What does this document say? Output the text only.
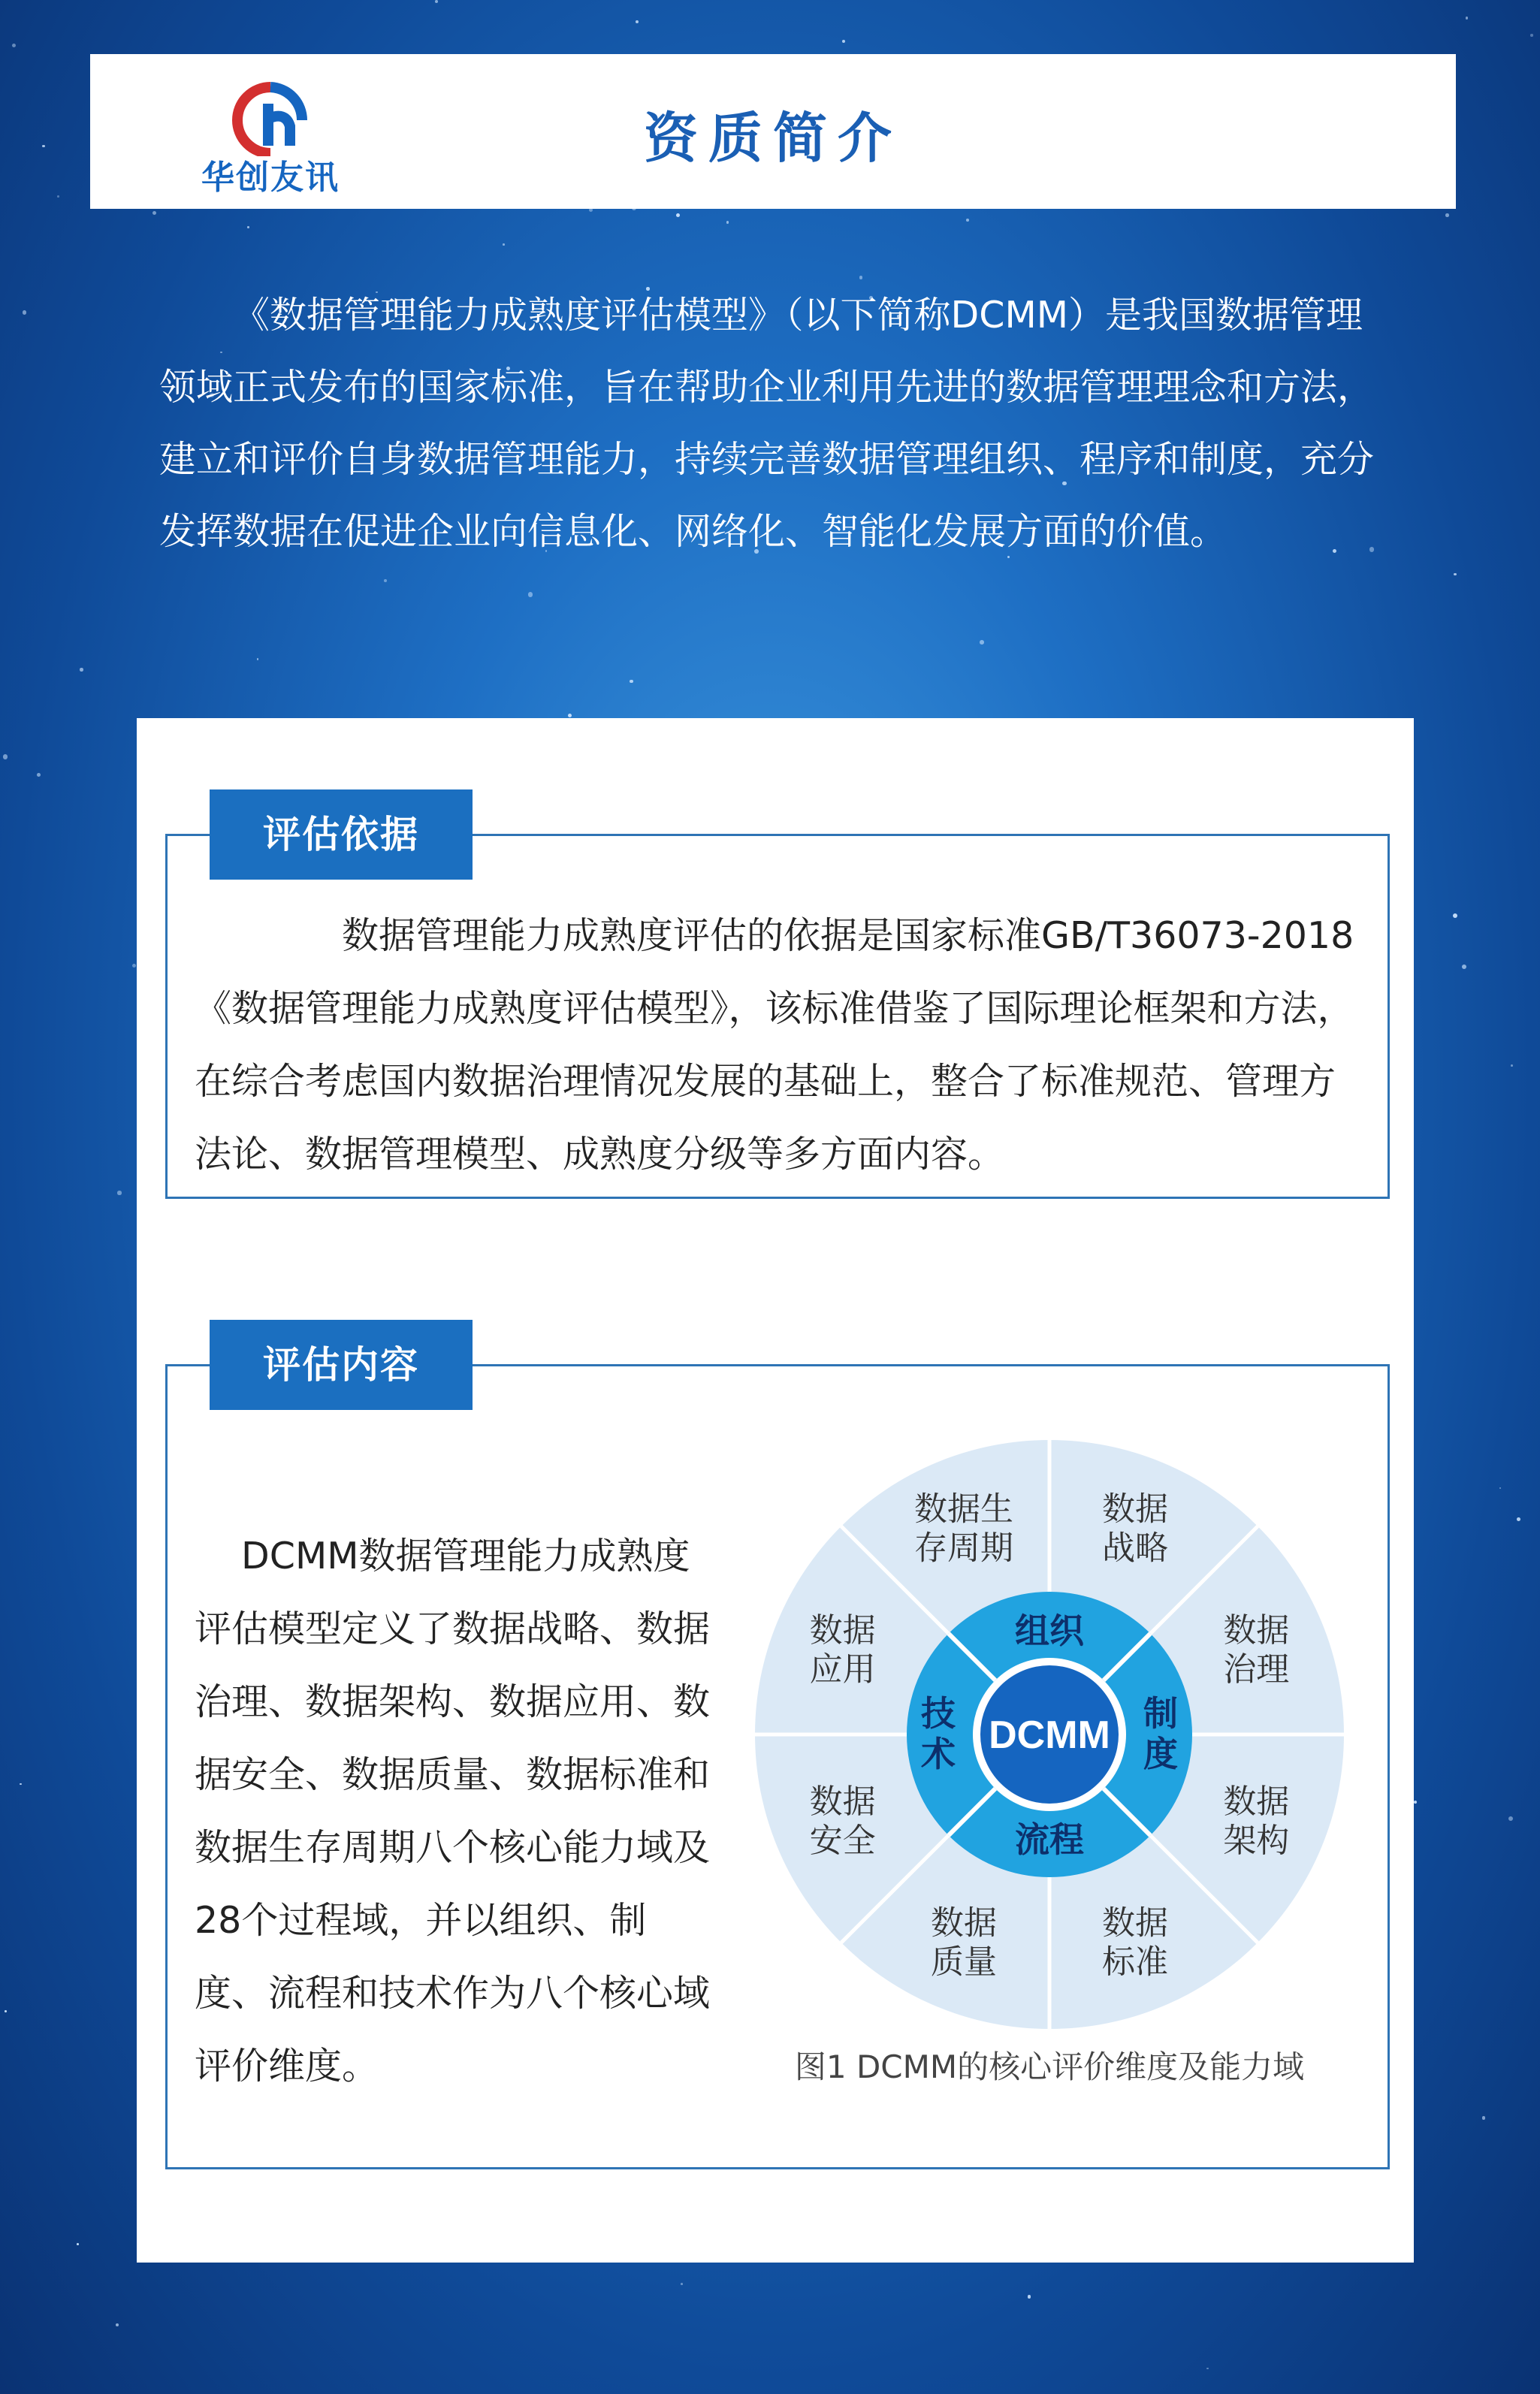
华创友讯
资质简介

《数据管理能力成熟度评估模型》（以下简称DCMM）是我国数据管理领域正式发布的国家标准，旨在帮助企业利用先进的数据管理理念和方法，建立和评价自身数据管理能力，持续完善数据管理组织、程序和制度，充分发挥数据在促进企业向信息化、网络化、智能化发展方面的价值。

评估依据

数据管理能力成熟度评估的依据是国家标准GB/T36073-2018《数据管理能力成熟度评估模型》，该标准借鉴了国际理论框架和方法，在综合考虑国内数据治理情况发展的基础上，整合了标准规范、管理方法论、数据管理模型、成熟度分级等多方面内容。

评估内容

DCMM数据管理能力成熟度评估模型定义了数据战略、数据治理、数据架构、数据应用、数据安全、数据质量、数据标准和数据生存周期八个核心能力域及28个过程域，并以组织、制度、流程和技术作为八个核心域评价维度。

数据
战略
数据
治理
数据
架构
数据
标准
数据
质量
数据
安全
数据
应用
数据生
存周期
DCMM
组织
流程
制
度
技
术
图1 DCMM的核心评价维度及能力域
